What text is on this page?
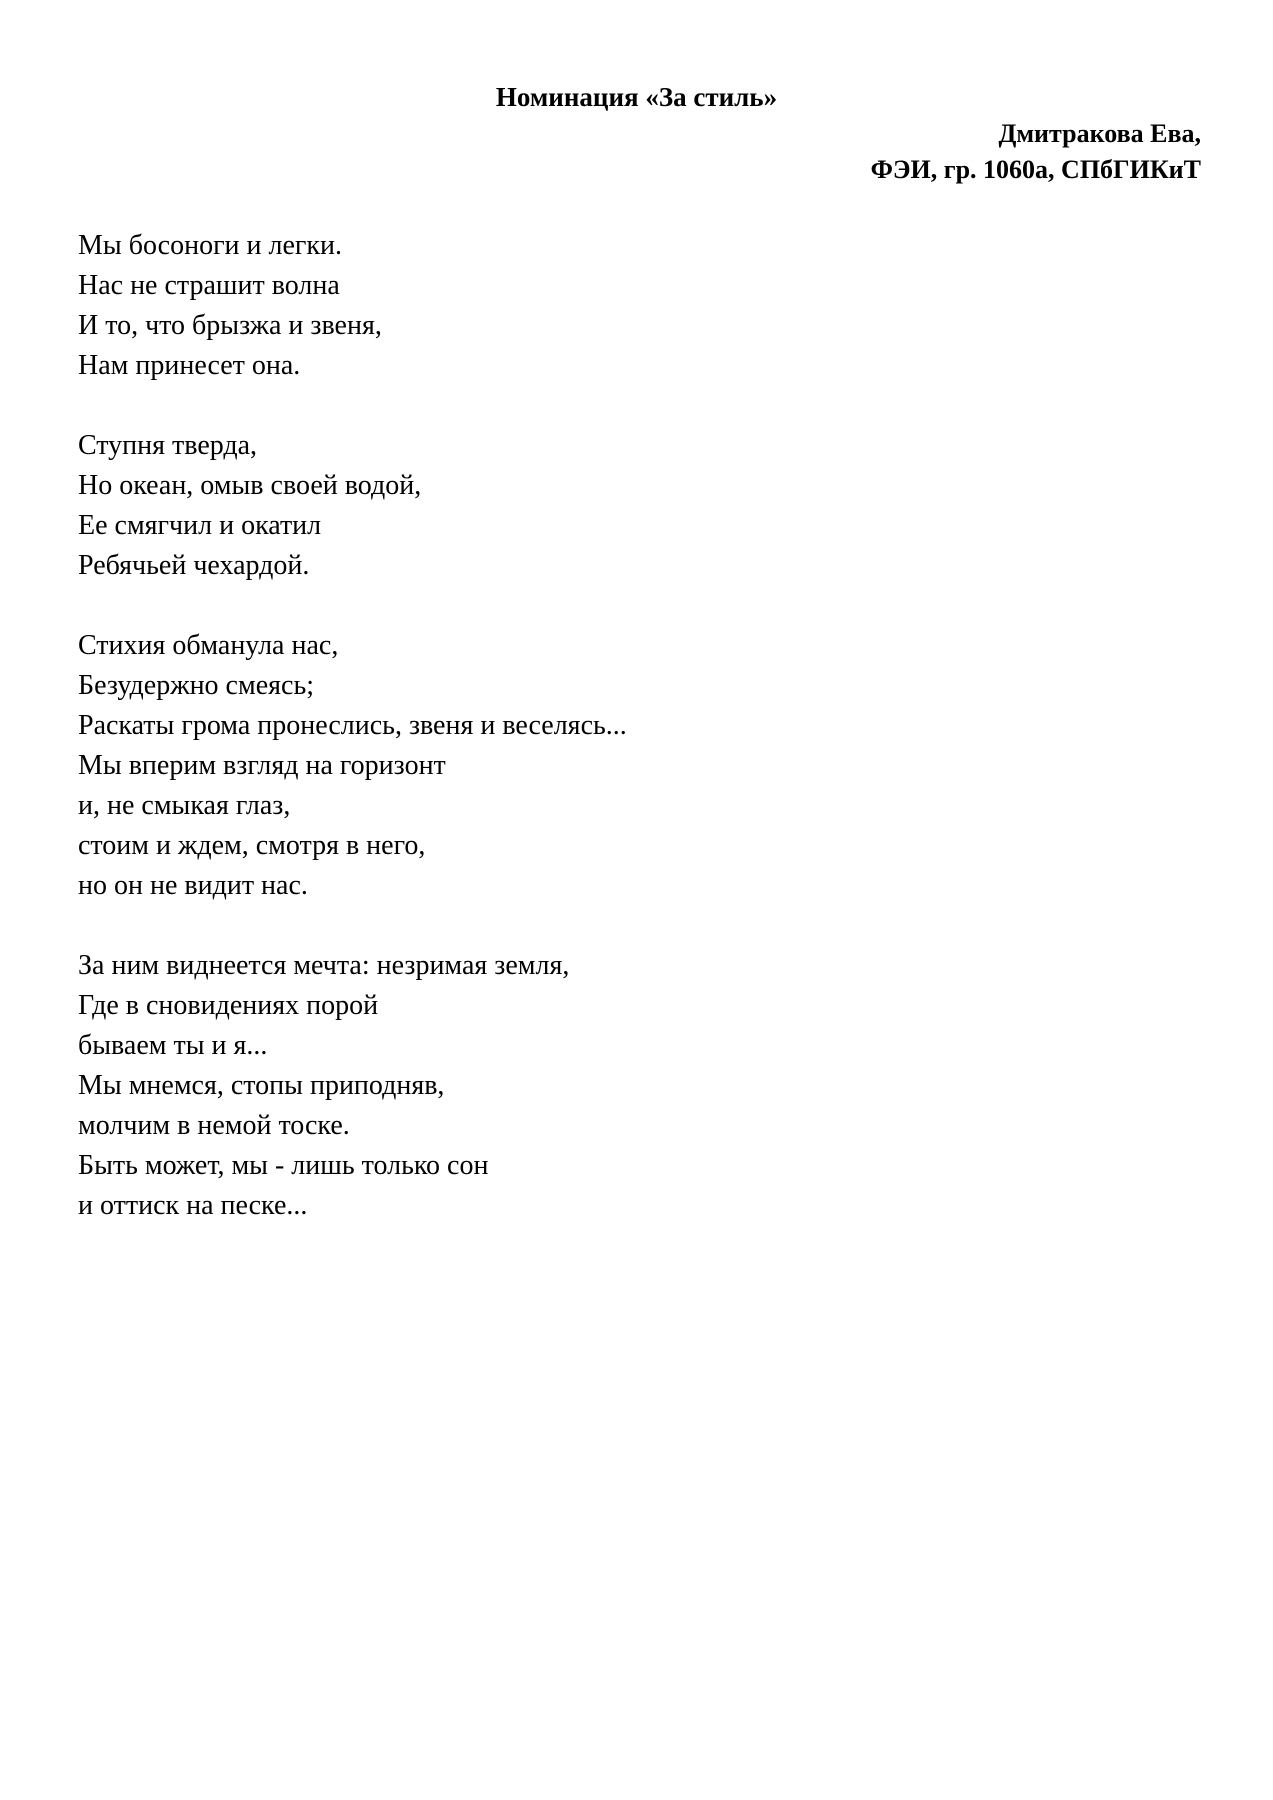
Номинация «За стиль»
Дмитракова Ева,
ФЭИ, гр. 1060а, СПбГИКиТ
Мы босоноги и легки.
Нас не страшит волна
И то, что брызжа и звеня,
Нам принесет она.
Ступня тверда,
Но океан, омыв своей водой,
Ее смягчил и окатил
Ребячьей чехардой.
Стихия обманула нас,
Безудержно смеясь;
Раскаты грома пронеслись, звеня и веселясь...
Мы вперим взгляд на горизонт
и, не смыкая глаз,
стоим и ждем, смотря в него,
но он не видит нас.
За ним виднеется мечта: незримая земля,
Где в сновидениях порой
бываем ты и я...
Мы мнемся, стопы приподняв,
молчим в немой тоске.
Быть может, мы - лишь только сон
и оттиск на песке...
